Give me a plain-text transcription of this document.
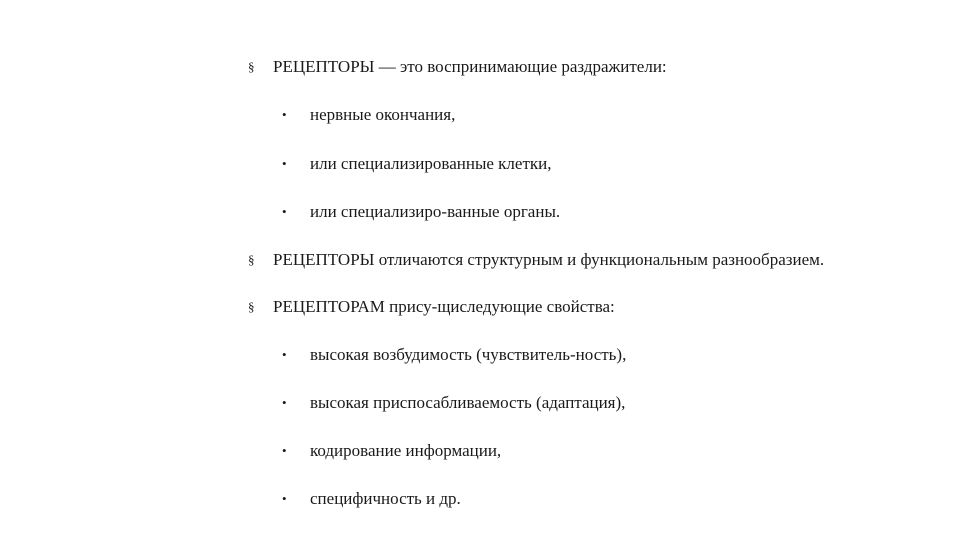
§ РЕЦЕПТОРЫ — это воспринимающие раздражители:
• нервные окончания,
• или специализированные клетки,
• или специализиро-ванные органы.
§ РЕЦЕПТОРЫ отличаются структурным и функциональным разнообразием.
§ РЕЦЕПТОРАМ прису-щиследующие свойства:
• высокая возбудимость (чувствитель-ность),
• высокая приспосабливаемость (адаптация),
• кодирование информации,
• специфичность и др.
